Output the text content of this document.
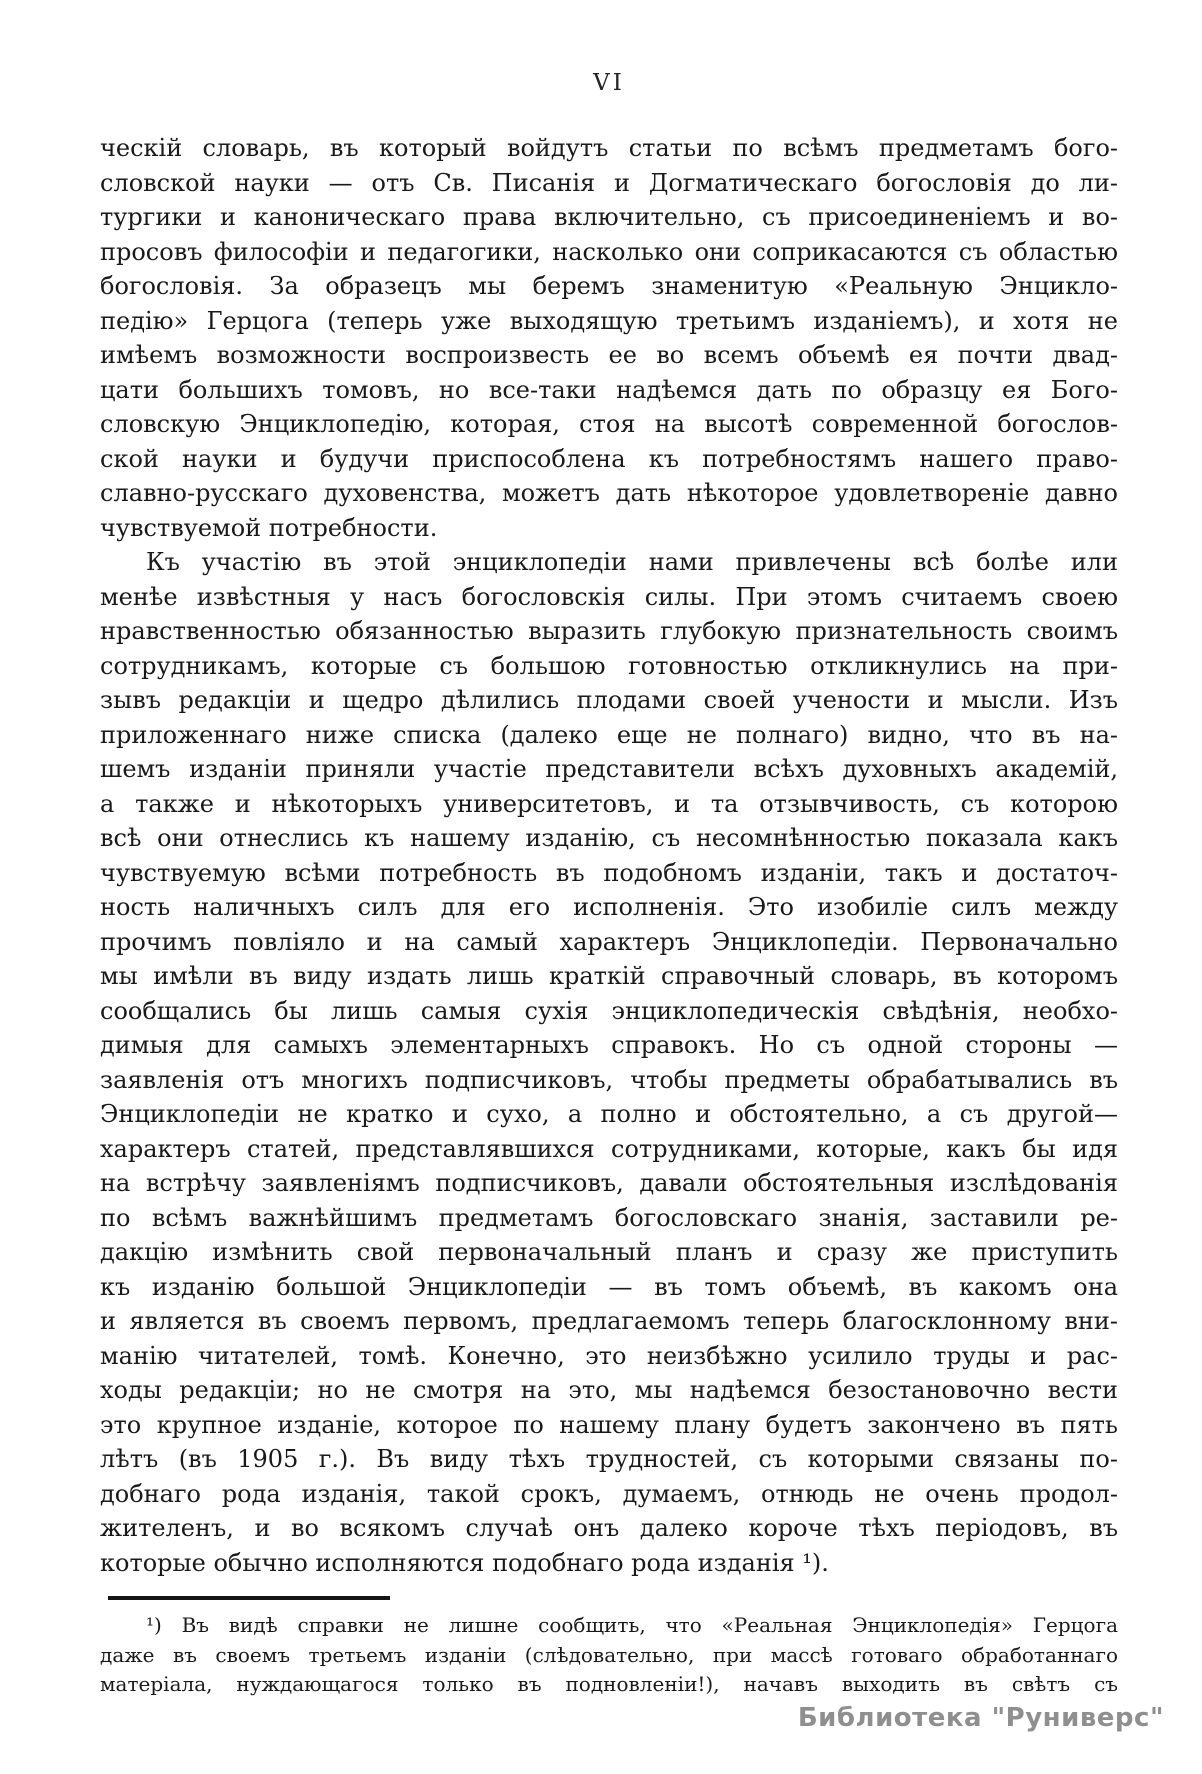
VI
ческій словарь, въ который войдутъ статьи по всѣмъ предметамъ бого-
словской науки — отъ Св. Писанія и Догматическаго богословія до ли-
тургики и каноническаго права включительно, съ присоединеніемъ и во-
просовъ философіи и педагогики, насколько они соприкасаются съ областью
богословія. За образецъ мы беремъ знаменитую «Реальную Энцикло-
педію» Герцога (теперь уже выходящую третьимъ изданіемъ), и хотя не
имѣемъ возможности воспроизвесть ее во всемъ объемѣ ея почти двад-
цати большихъ томовъ, но все-таки надѣемся дать по образцу ея Бого-
словскую Энциклопедію, которая, стоя на высотѣ современной богослов-
ской науки и будучи приспособлена къ потребностямъ нашего право-
славно-русскаго духовенства, можетъ дать нѣкоторое удовлетвореніе давно
чувствуемой потребности.
Къ участію въ этой энциклопедіи нами привлечены всѣ болѣе или
менѣе извѣстныя у насъ богословскія силы. При этомъ считаемъ своею
нравственностью обязанностью выразить глубокую признательность своимъ
сотрудникамъ, которые съ большою готовностью откликнулись на при-
зывъ редакціи и щедро дѣлились плодами своей учености и мысли. Изъ
приложеннаго ниже списка (далеко еще не полнаго) видно, что въ на-
шемъ изданіи приняли участіе представители всѣхъ духовныхъ академій,
а также и нѣкоторыхъ университетовъ, и та отзывчивость, съ которою
всѣ они отнеслись къ нашему изданію, съ несомнѣнностью показала какъ
чувствуемую всѣми потребность въ подобномъ изданіи, такъ и достаточ-
ность наличныхъ силъ для его исполненія. Это изобиліе силъ между
прочимъ повліяло и на самый характеръ Энциклопедіи. Первоначально
мы имѣли въ виду издать лишь краткій справочный словарь, въ которомъ
сообщались бы лишь самыя сухія энциклопедическія свѣдѣнія, необхо-
димыя для самыхъ элементарныхъ справокъ. Но съ одной стороны —
заявленія отъ многихъ подписчиковъ, чтобы предметы обрабатывались въ
Энциклопедіи не кратко и сухо, а полно и обстоятельно, а съ другой—
характеръ статей, представлявшихся сотрудниками, которые, какъ бы идя
на встрѣчу заявленіямъ подписчиковъ, давали обстоятельныя изслѣдованія
по всѣмъ важнѣйшимъ предметамъ богословскаго знанія, заставили ре-
дакцію измѣнить свой первоначальный планъ и сразу же приступить
къ изданію большой Энциклопедіи — въ томъ объемѣ, въ какомъ она
и является въ своемъ первомъ, предлагаемомъ теперь благосклонному вни-
манію читателей, томѣ. Конечно, это неизбѣжно усилило труды и рас-
ходы редакціи; но не смотря на это, мы надѣемся безостановочно вести
это крупное изданіе, которое по нашему плану будетъ закончено въ пять
лѣтъ (въ 1905 г.). Въ виду тѣхъ трудностей, съ которыми связаны по-
добнаго рода изданія, такой срокъ, думаемъ, отнюдь не очень продол-
жителенъ, и во всякомъ случаѣ онъ далеко короче тѣхъ періодовъ, въ
которые обычно исполняются подобнаго рода изданія ¹).
¹) Въ видѣ справки не лишне сообщить, что «Реальная Энциклопедія» Герцога
даже въ своемъ третьемъ изданіи (слѣдовательно, при массѣ готоваго обработаннаго
матеріала, нуждающагося только въ подновленіи!), начавъ выходить въ свѣтъ съ
Библиотека "Руниверс"
